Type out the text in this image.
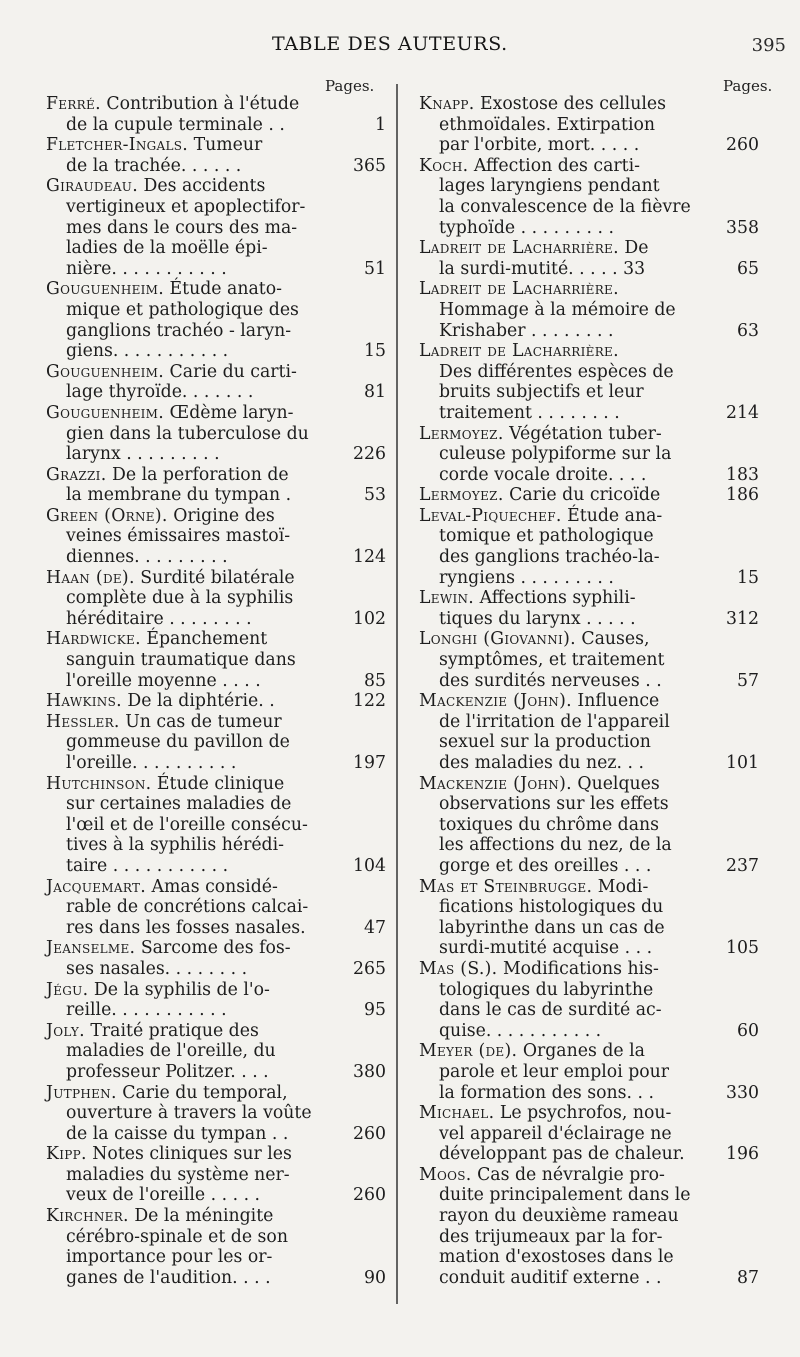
TABLE DES AUTEURS.	395
Pages.	Pages.
Ferré. Contribution à l'étude
de la cupule terminale . .	1
Fletcher-Ingals. Tumeur
de la trachée. . . . . .	365
Giraudeau. Des accidents
vertigineux et apoplectifor-
mes dans le cours des ma-
ladies de la moëlle épi-
nière. . . . . . . . . . .	51
Gouguenheim. Étude anato-
mique et pathologique des
ganglions trachéo - laryn-
giens. . . . . . . . . . .	15
Gouguenheim. Carie du carti-
lage thyroïde. . . . . . .	81
Gouguenheim. Œdème laryn-
gien dans la tuberculose du
larynx . . . . . . . . .	226
Grazzi. De la perforation de
la membrane du tympan .	53
Green (Orne). Origine des
veines émissaires mastoï-
diennes. . . . . . . . .	124
Haan (de). Surdité bilatérale
complète due à la syphilis
héréditaire . . . . . . . .	102
Hardwicke. Épanchement
sanguin traumatique dans
l'oreille moyenne . . . .	85
Hawkins. De la diphtérie. .	122
Hessler. Un cas de tumeur
gommeuse du pavillon de
l'oreille. . . . . . . . . .	197
Hutchinson. Étude clinique
sur certaines maladies de
l'œil et de l'oreille consécu-
tives à la syphilis hérédi-
taire . . . . . . . . . . .	104
Jacquemart. Amas considé-
rable de concrétions calcai-
res dans les fosses nasales.	47
Jeanselme. Sarcome des fos-
ses nasales. . . . . . . .	265
Jégu. De la syphilis de l'o-
reille. . . . . . . . . . .	95
Joly. Traité pratique des
maladies de l'oreille, du
professeur Politzer. . . .	380
Jutphen. Carie du temporal,
ouverture à travers la voûte
de la caisse du tympan . .	260
Kipp. Notes cliniques sur les
maladies du système ner-
veux de l'oreille . . . . .	260
Kirchner. De la méningite
cérébro-spinale et de son
importance pour les or-
ganes de l'audition. . . .	90
Knapp. Exostose des cellules
ethmoïdales. Extirpation
par l'orbite, mort. . . . .	260
Koch. Affection des carti-
lages laryngiens pendant
la convalescence de la fièvre
typhoïde . . . . . . . . .	358
Ladreit de Lacharrière. De
la surdi-mutité. . . . . 33	65
Ladreit de Lacharrière.
Hommage à la mémoire de
Krishaber . . . . . . . .	63
Ladreit de Lacharrière.
Des différentes espèces de
bruits subjectifs et leur
traitement . . . . . . . .	214
Lermoyez. Végétation tuber-
culeuse polypiforme sur la
corde vocale droite. . . .	183
Lermoyez. Carie du cricoïde	186
Leval-Piquechef. Étude ana-
tomique et pathologique
des ganglions trachéo-la-
ryngiens . . . . . . . . .	15
Lewin. Affections syphili-
tiques du larynx . . . . .	312
Longhi (Giovanni). Causes,
symptômes, et traitement
des surdités nerveuses . .	57
Mackenzie (John). Influence
de l'irritation de l'appareil
sexuel sur la production
des maladies du nez. . .	101
Mackenzie (John). Quelques
observations sur les effets
toxiques du chrôme dans
les affections du nez, de la
gorge et des oreilles . . .	237
Mas et Steinbrugge. Modi-
fications histologiques du
labyrinthe dans un cas de
surdi-mutité acquise . . .	105
Mas (S.). Modifications his-
tologiques du labyrinthe
dans le cas de surdité ac-
quise. . . . . . . . . . .	60
Meyer (de). Organes de la
parole et leur emploi pour
la formation des sons. . .	330
Michael. Le psychrofos, nou-
vel appareil d'éclairage ne
développant pas de chaleur.	196
Moos. Cas de névralgie pro-
duite principalement dans le
rayon du deuxième rameau
des trijumeaux par la for-
mation d'exostoses dans le
conduit auditif externe . .	87
